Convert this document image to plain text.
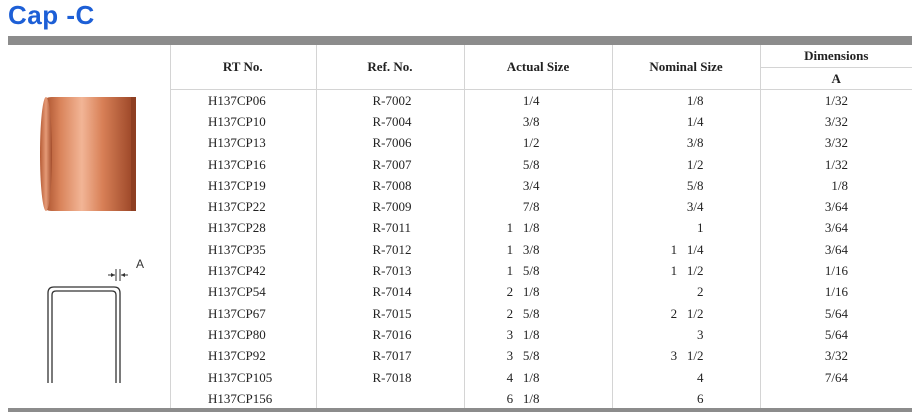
Cap -C
A
RT No.	Ref. No.	Actual Size	Nominal Size	Dimensions
				A
H137CP06	R-7002	1/4	1/8	1/32
H137CP10	R-7004	3/8	1/4	3/32
H137CP13	R-7006	1/2	3/8	3/32
H137CP16	R-7007	5/8	1/2	1/32
H137CP19	R-7008	3/4	5/8	1/8
H137CP22	R-7009	7/8	3/4	3/64
H137CP28	R-7011	1   1/8	1	3/64
H137CP35	R-7012	1   3/8	1   1/4	3/64
H137CP42	R-7013	1   5/8	1   1/2	1/16
H137CP54	R-7014	2   1/8	2	1/16
H137CP67	R-7015	2   5/8	2   1/2	5/64
H137CP80	R-7016	3   1/8	3	5/64
H137CP92	R-7017	3   5/8	3   1/2	3/32
H137CP105	R-7018	4   1/8	4	7/64
H137CP156		6   1/8	6	
